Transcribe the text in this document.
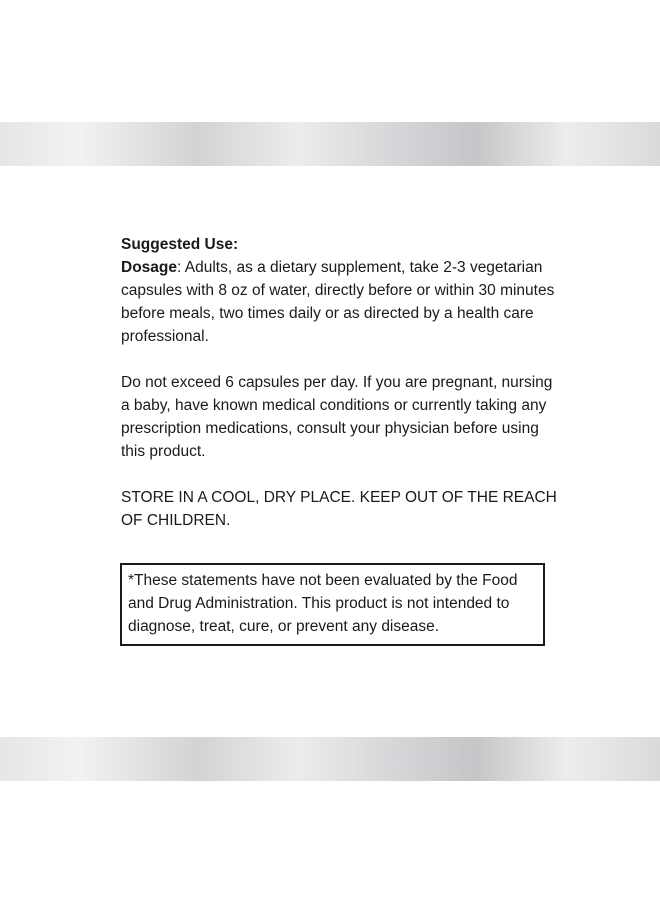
Suggested Use:

Dosage: Adults, as a dietary supplement, take 2-3 vegetarian capsules with 8 oz of water, directly before or within 30 minutes before meals, two times daily or as directed by a health care professional.

Do not exceed 6 capsules per day. If you are pregnant, nursing a baby, have known medical conditions or currently taking any prescription medications, consult your physician before using this product.

STORE IN A COOL, DRY PLACE. KEEP OUT OF THE REACH OF CHILDREN.

*These statements have not been evaluated by the Food and Drug Administration. This product is not intended to diagnose, treat, cure, or prevent any disease.
